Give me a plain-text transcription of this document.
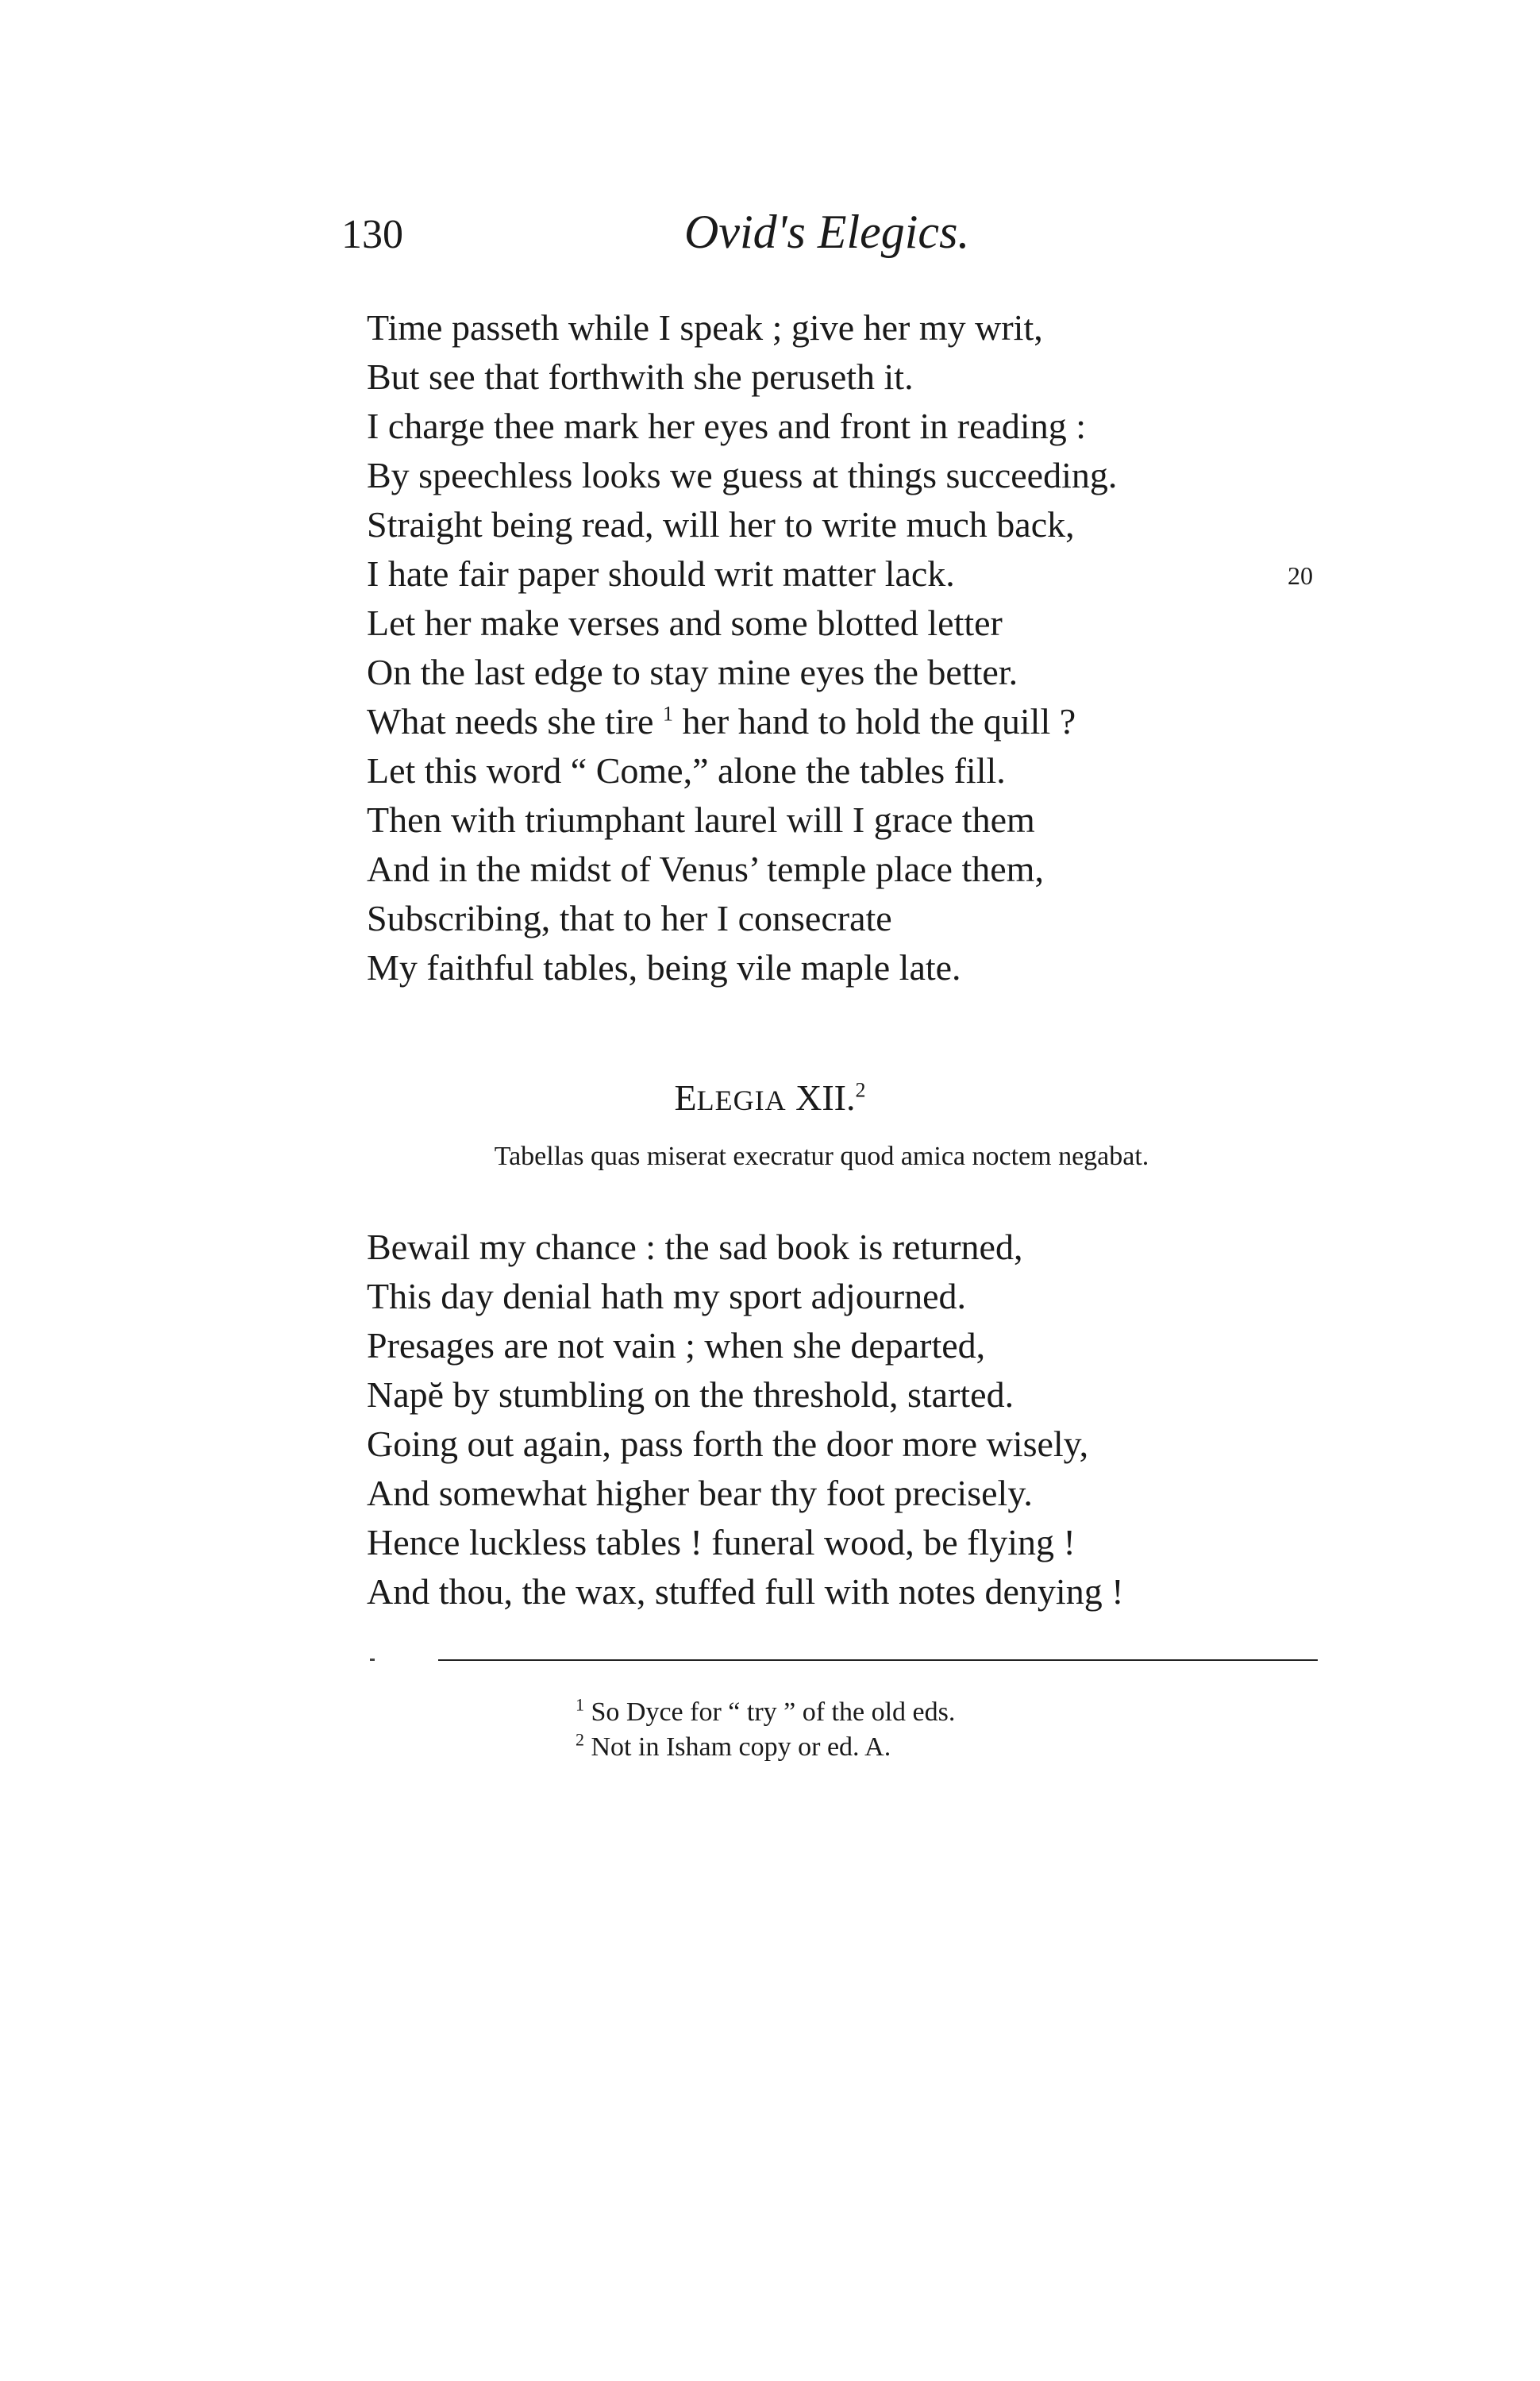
130	Ovid's Elegics.
Time passeth while I speak ; give her my writ,
But see that forthwith she peruseth it.
I charge thee mark her eyes and front in reading :
By speechless looks we guess at things succeeding.
Straight being read, will her to write much back,
I hate fair paper should writ matter lack.	20
Let her make verses and some blotted letter
On the last edge to stay mine eyes the better.
What needs she tire $^1$ her hand to hold the quill ?
Let this word “ Come,” alone the tables fill.
Then with triumphant laurel will I grace them
And in the midst of Venus’ temple place them,
Subscribing, that to her I consecrate
My faithful tables, being vile maple late.
ELEGIA XII.$^2$
Tabellas quas miserat execratur quod amica noctem negabat.
Bewail my chance : the sad book is returned,
This day denial hath my sport adjourned.
Presages are not vain ; when she departed,
Napĕ by stumbling on the threshold, started.
Going out again, pass forth the door more wisely,
And somewhat higher bear thy foot precisely.
Hence luckless tables ! funeral wood, be flying !
And thou, the wax, stuffed full with notes denying !
$^1$ So Dyce for “ try ” of the old eds.
$^2$ Not in Isham copy or ed. A.
